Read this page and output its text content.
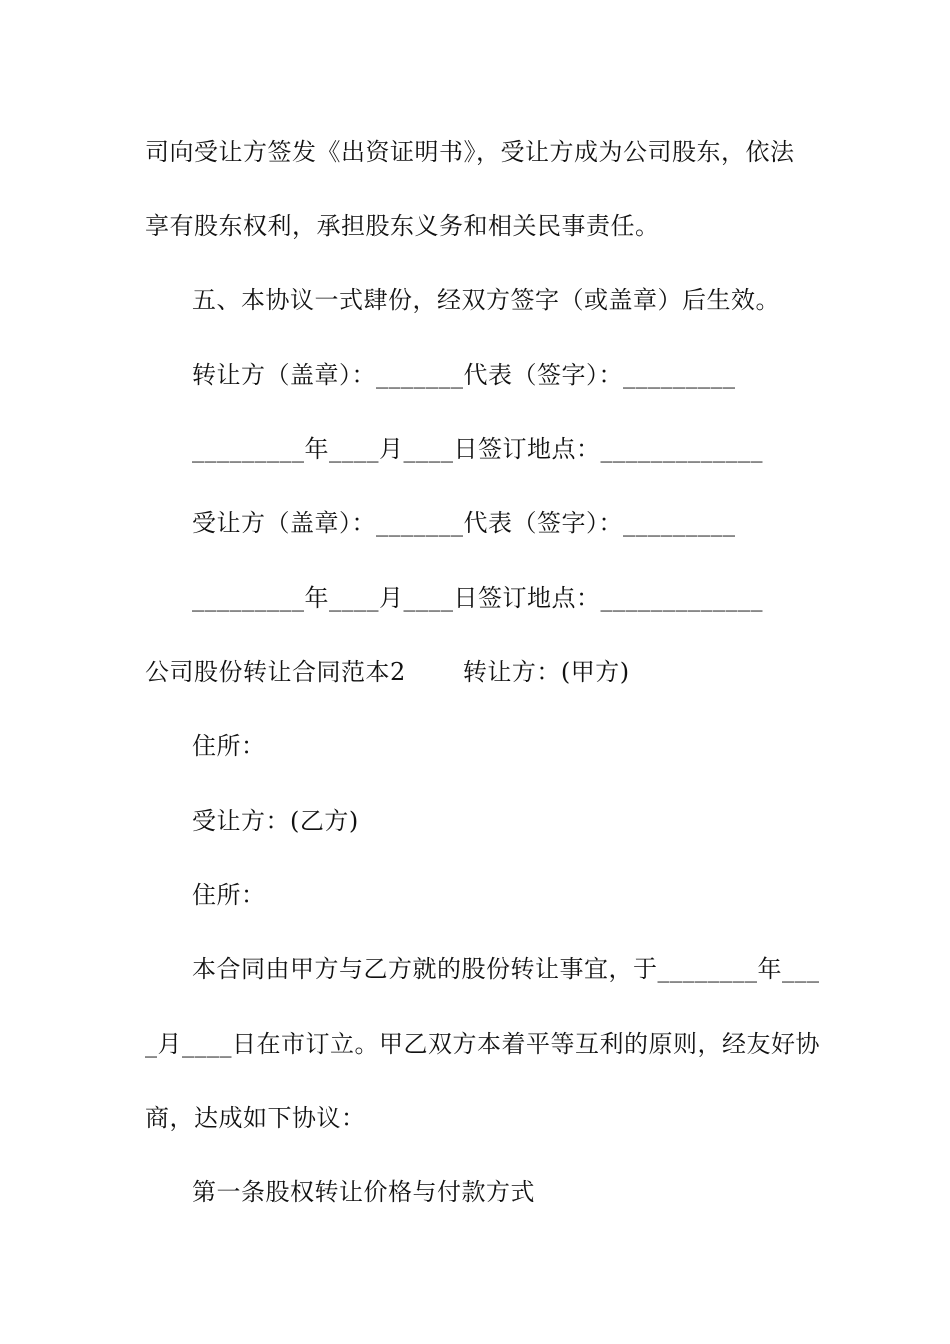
司向受让方签发《出资证明书》，受让方成为公司股东，依法
享有股东权利，承担股东义务和相关民事责任。
五、本协议一式肆份，经双方签字（或盖章）后生效。
转让方（盖章）：_______代表（签字）：_________
_________年____月____日签订地点：_____________
受让方（盖章）：_______代表（签字）：_________
_________年____月____日签订地点：_____________
公司股份转让合同范本2　　 转让方：(甲方)
住所：
受让方：(乙方)
住所：
本合同由甲方与乙方就的股份转让事宜，于________年___
_月____日在市订立。甲乙双方本着平等互利的原则，经友好协
商，达成如下协议：
第一条股权转让价格与付款方式
